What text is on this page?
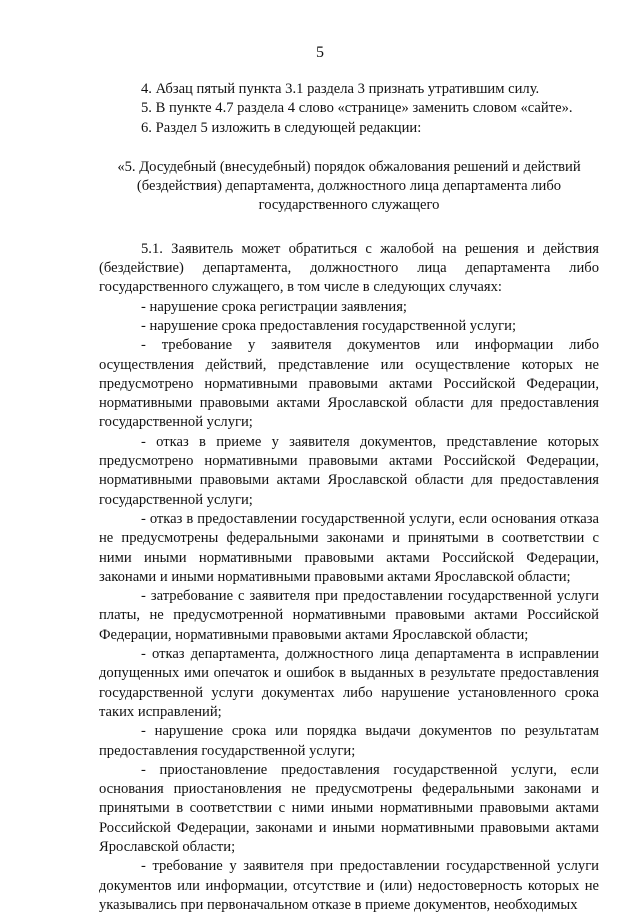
5

4. Абзац пятый пункта 3.1 раздела 3 признать утратившим силу.

5. В пункте 4.7 раздела 4 слово «странице» заменить словом «сайте».

6. Раздел 5 изложить в следующей редакции:

«5. Досудебный (внесудебный) порядок обжалования решений и действий
(бездействия) департамента, должностного лица департамента либо
государственного служащего

5.1. Заявитель может обратиться с жалобой на решения и действия (бездействие) департамента, должностного лица департамента либо государственного служащего, в том числе в следующих случаях:

- нарушение срока регистрации заявления;

- нарушение срока предоставления государственной услуги;

- требование у заявителя документов или информации либо осуществления действий, представление или осуществление которых не предусмотрено нормативными правовыми актами Российской Федерации, нормативными правовыми актами Ярославской области для предоставления государственной услуги;

- отказ в приеме у заявителя документов, представление которых предусмотрено нормативными правовыми актами Российской Федерации, нормативными правовыми актами Ярославской области для предоставления государственной услуги;

- отказ в предоставлении государственной услуги, если основания отказа не предусмотрены федеральными законами и принятыми в соответствии с ними иными нормативными правовыми актами Российской Федерации, законами и иными нормативными правовыми актами Ярославской области;

- затребование с заявителя при предоставлении государственной услуги платы, не предусмотренной нормативными правовыми актами Российской Федерации, нормативными правовыми актами Ярославской области;

- отказ департамента, должностного лица департамента в исправлении допущенных ими опечаток и ошибок в выданных в результате предоставления государственной услуги документах либо нарушение установленного срока таких исправлений;

- нарушение срока или порядка выдачи документов по результатам предоставления государственной услуги;

- приостановление предоставления государственной услуги, если основания приостановления не предусмотрены федеральными законами и принятыми в соответствии с ними иными нормативными правовыми актами Российской Федерации, законами и иными нормативными правовыми актами Ярославской области;

- требование у заявителя при предоставлении государственной услуги документов или информации, отсутствие и (или) недостоверность которых не указывались при первоначальном отказе в приеме документов, необходимых
